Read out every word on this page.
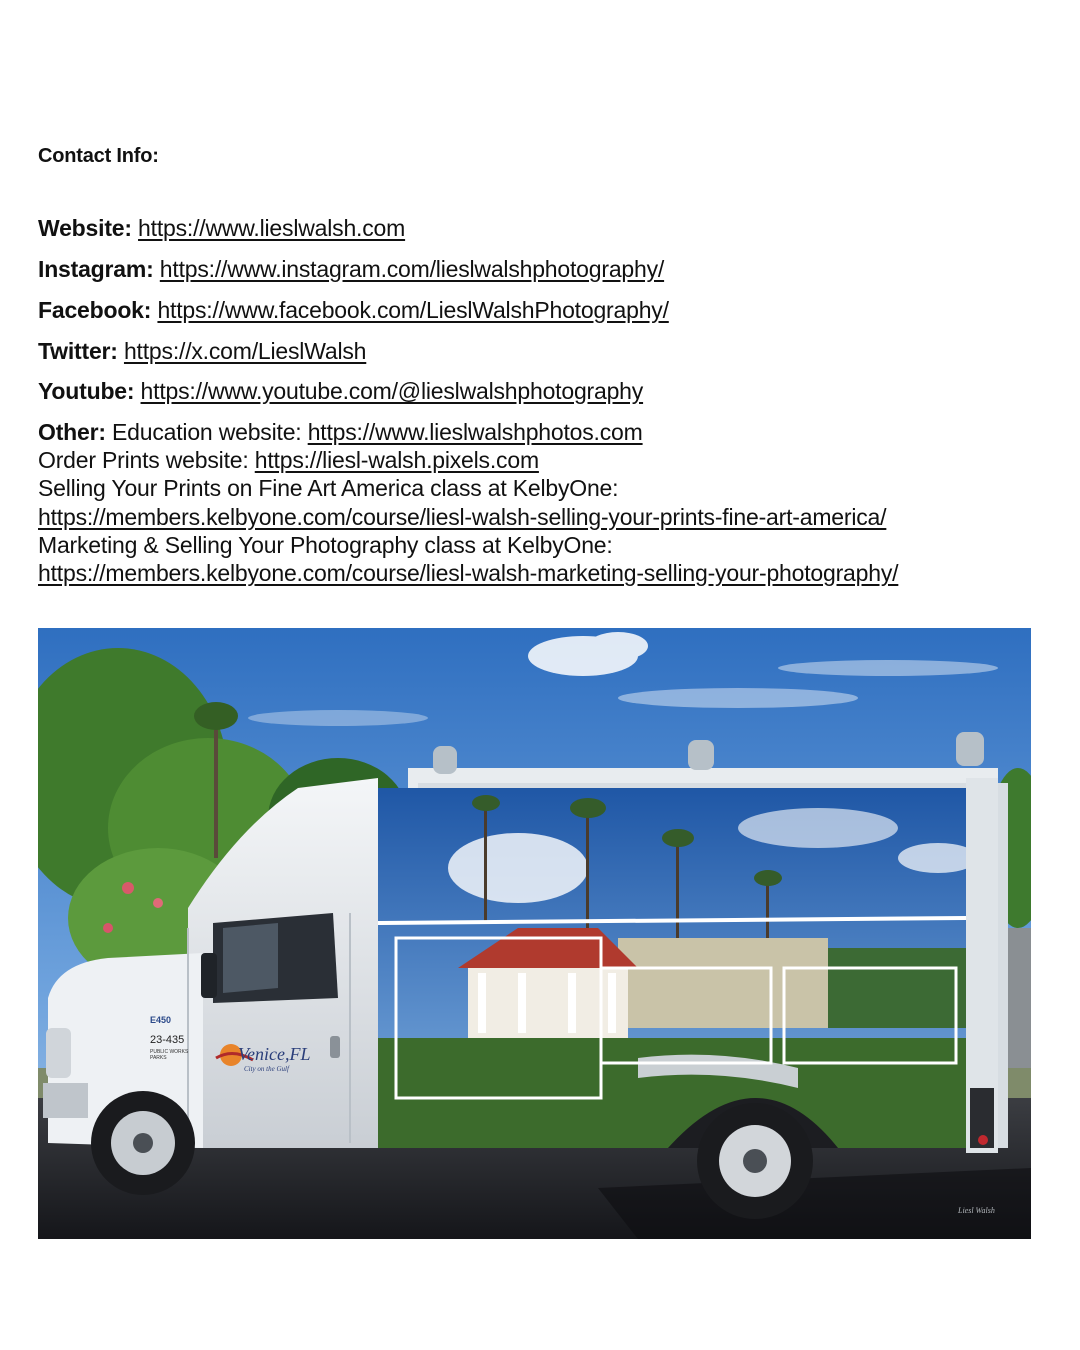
Contact Info:
Website: https://www.lieslwalsh.com
Instagram: https://www.instagram.com/lieslwalshphotography/
Facebook: https://www.facebook.com/LieslWalshPhotography/
Twitter: https://x.com/LieslWalsh
Youtube: https://www.youtube.com/@lieslwalshphotography
Other: Education website: https://www.lieslwalshphotos.com
Order Prints website: https://liesl-walsh.pixels.com
Selling Your Prints on Fine Art America class at KelbyOne:
https://members.kelbyone.com/course/liesl-walsh-selling-your-prints-fine-art-america/
Marketing & Selling Your Photography class at KelbyOne:
https://members.kelbyone.com/course/liesl-walsh-marketing-selling-your-photography/
E450
23-435
PUBLIC WORKS
PARKS	Venice,FL
City on the Gulf
Liesl Walsh
